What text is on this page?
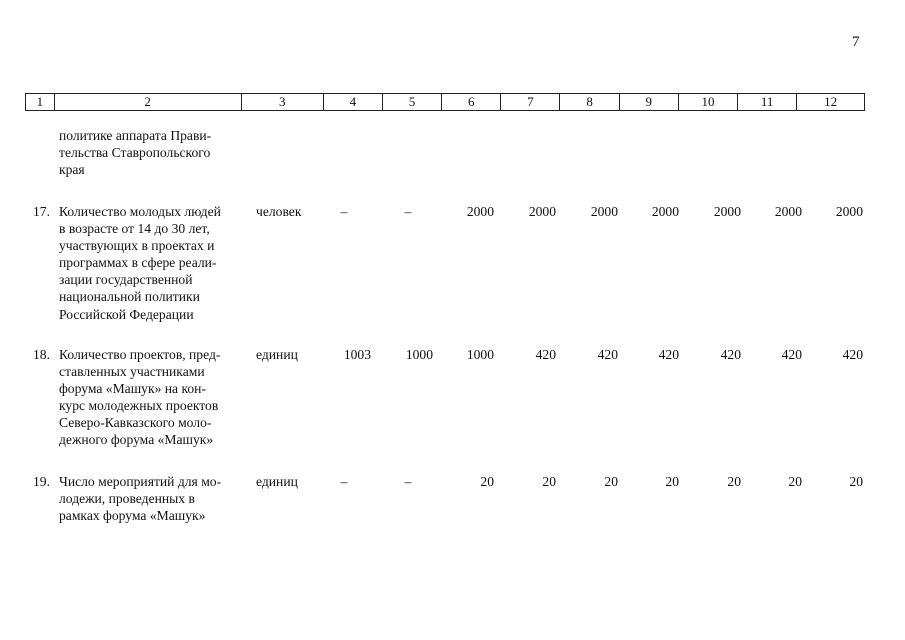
7
1	2	3	4	5	6	7	8	9	10	11	12
политике аппарата Прави-
тельства Ставропольского
края
17. Количество молодых людей
в возрасте от 14 до 30 лет,
участвующих в проектах и
программах в сфере реали-
зации государственной
национальной политики
Российской Федерации
человек	–	–	2000	2000	2000	2000	2000	2000	2000
18. Количество проектов, пред-
ставленных участниками
форума «Машук» на кон-
курс молодежных проектов
Северо-Кавказского моло-
дежного форума «Машук»
единиц	1003	1000	1000	420	420	420	420	420	420
19. Число мероприятий для мо-
лодежи, проведенных в
рамках форума «Машук»
единиц	–	–	20	20	20	20	20	20	20
